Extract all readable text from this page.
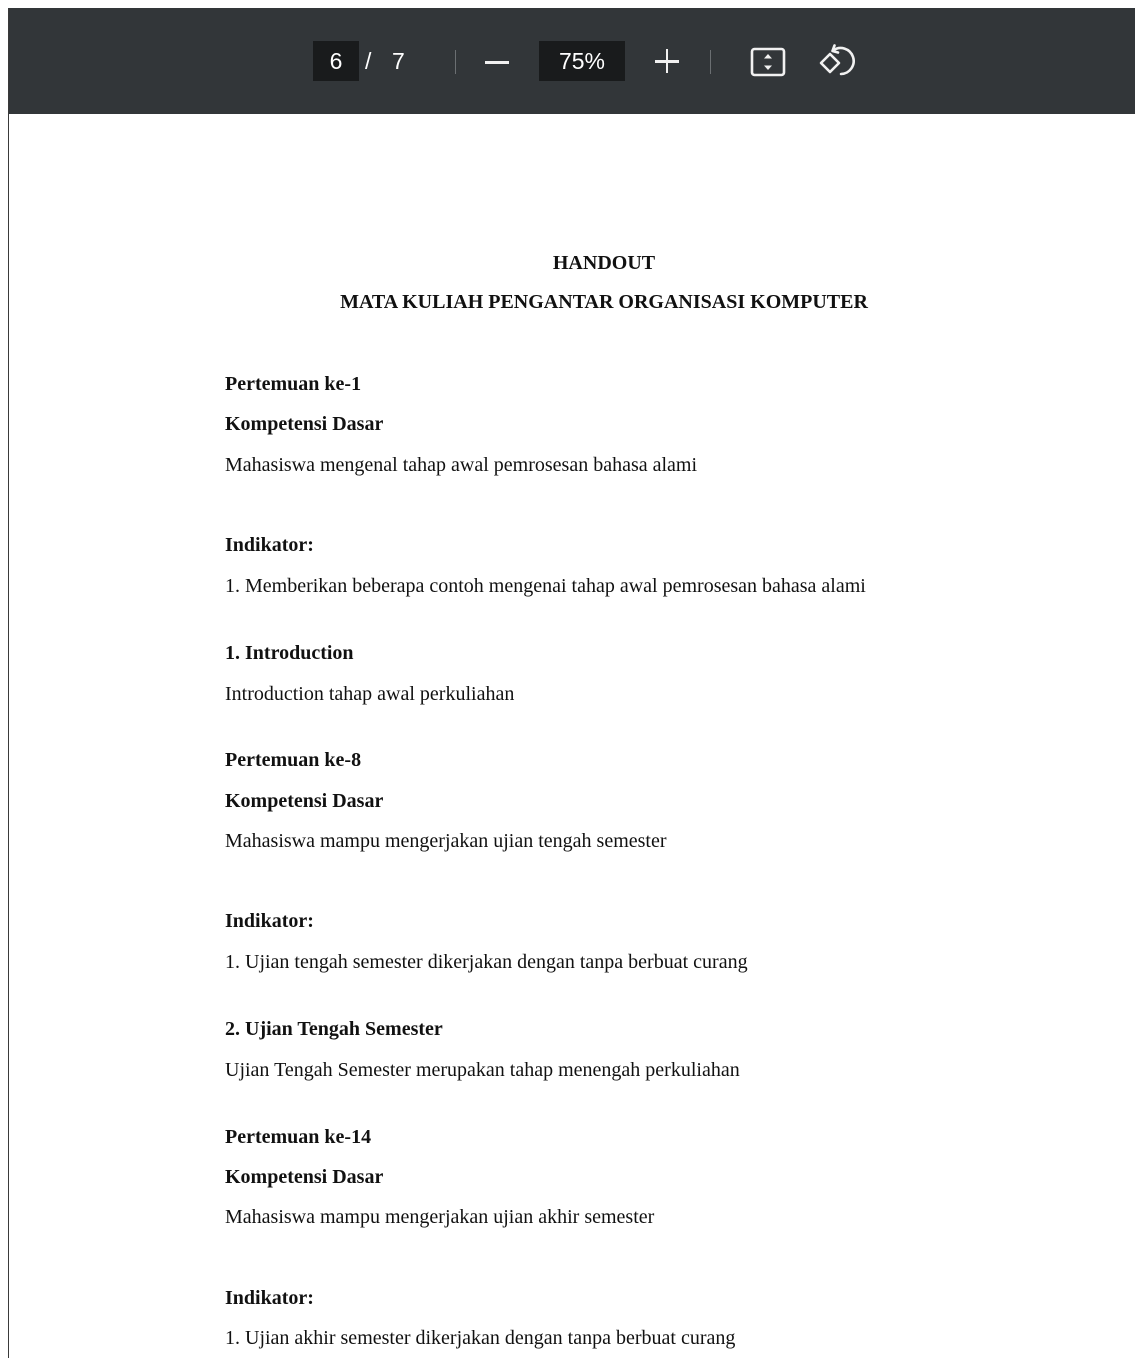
6 / 7	75%
HANDOUT
MATA KULIAH PENGANTAR ORGANISASI KOMPUTER
Pertemuan ke-1
Kompetensi Dasar
Mahasiswa mengenal tahap awal pemrosesan bahasa alami
Indikator:
1. Memberikan beberapa contoh mengenai tahap awal pemrosesan bahasa alami
1. Introduction
Introduction tahap awal perkuliahan
Pertemuan ke-8
Kompetensi Dasar
Mahasiswa mampu mengerjakan ujian tengah semester
Indikator:
1. Ujian tengah semester dikerjakan dengan tanpa berbuat curang
2. Ujian Tengah Semester
Ujian Tengah Semester merupakan tahap menengah perkuliahan
Pertemuan ke-14
Kompetensi Dasar
Mahasiswa mampu mengerjakan ujian akhir semester
Indikator:
1. Ujian akhir semester dikerjakan dengan tanpa berbuat curang
